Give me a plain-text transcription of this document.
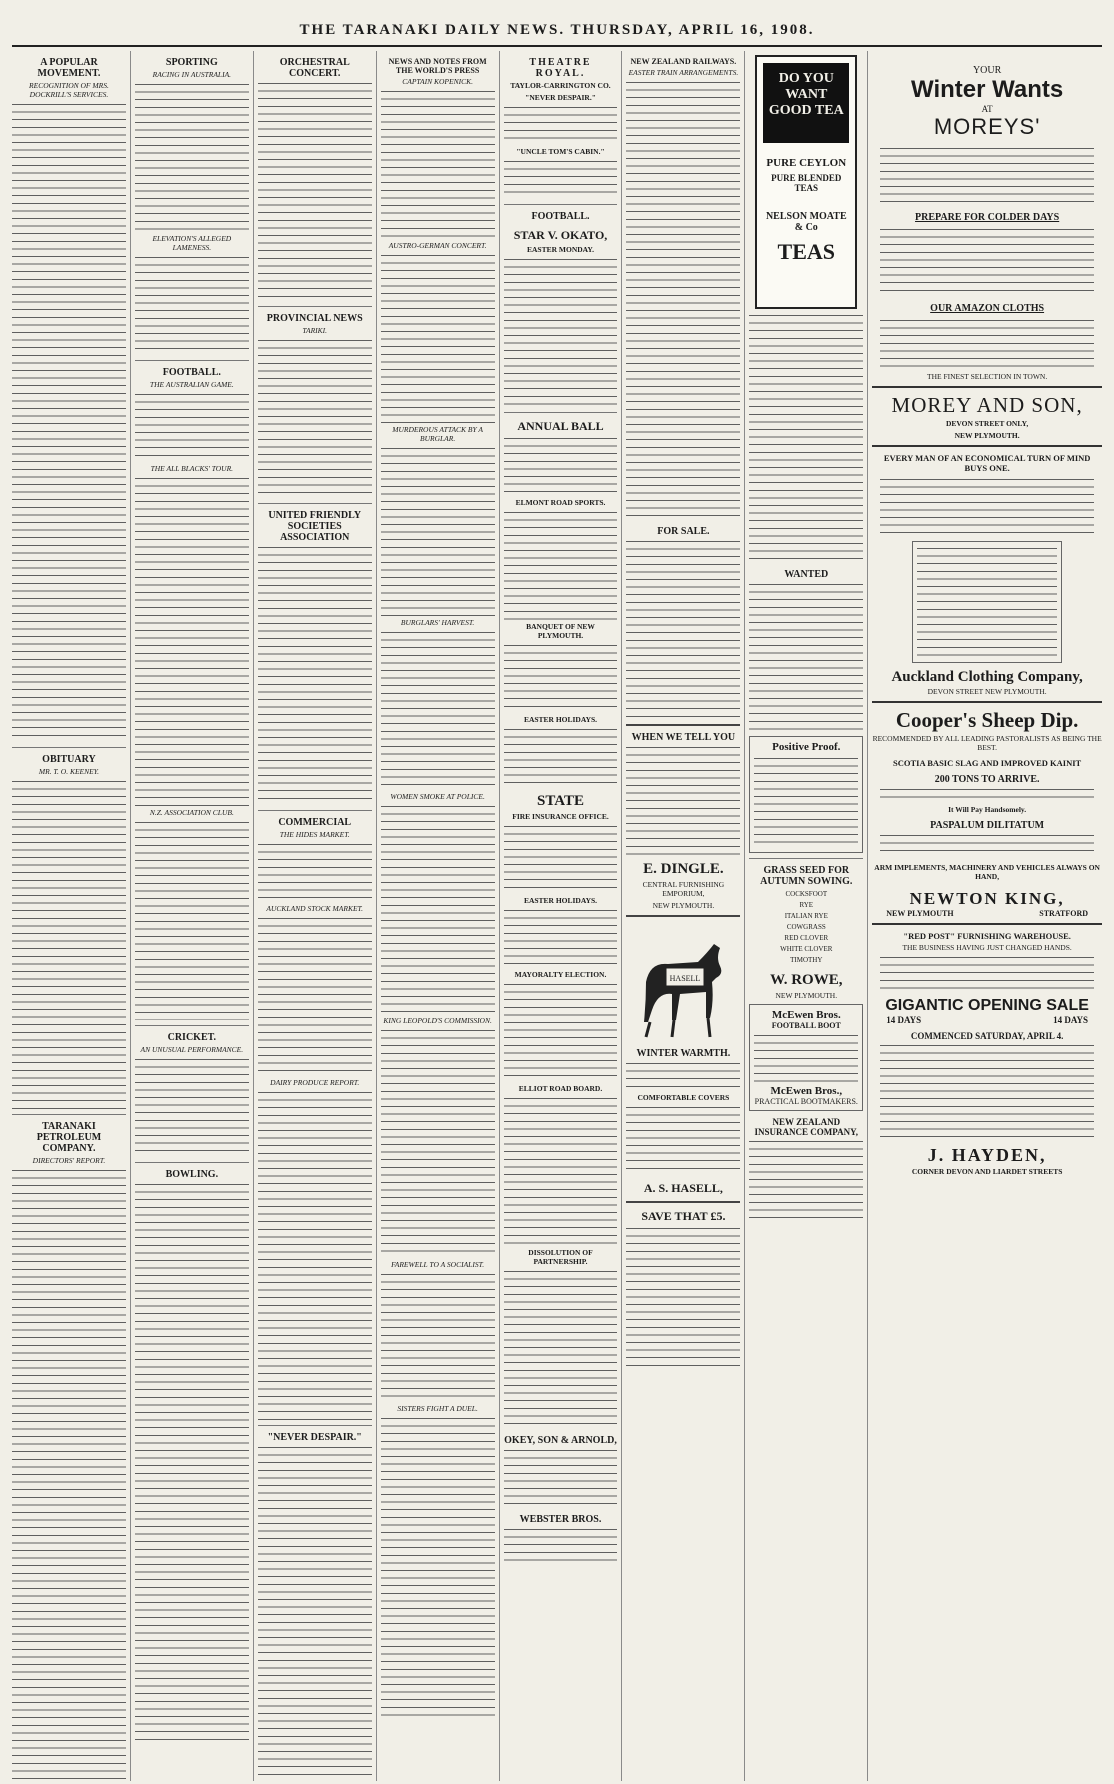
THE TARANAKI DAILY NEWS. THURSDAY, APRIL 16, 1908.
A POPULAR MOVEMENT.
RECOGNITION OF MRS. DOCKRILL'S SERVICES.
OBITUARY
MR. T. O. KEENEY.
TARANAKI PETROLEUM COMPANY.
DIRECTORS' REPORT.
SPORTING
RACING IN AUSTRALIA.
ELEVATION'S ALLEGED LAMENESS.
FOOTBALL.
THE AUSTRALIAN GAME.
THE ALL BLACKS' TOUR.
N.Z. ASSOCIATION CLUB.
CRICKET.
AN UNUSUAL PERFORMANCE.
BOWLING.
ORCHESTRAL CONCERT.
PROVINCIAL NEWS
TARIKI.
UNITED FRIENDLY SOCIETIES ASSOCIATION
COMMERCIAL
THE HIDES MARKET.
AUCKLAND STOCK MARKET.
DAIRY PRODUCE REPORT.
"NEVER DESPAIR."
NEWS AND NOTES FROM THE WORLD'S PRESS
CAPTAIN KOPENICK.
AUSTRO-GERMAN CONCERT.
MURDEROUS ATTACK BY A BURGLAR.
BURGLARS' HARVEST.
WOMEN SMOKE AT POLICE.
KING LEOPOLD'S COMMISSION.
FAREWELL TO A SOCIALIST.
SISTERS FIGHT A DUEL.
THEATRE ROYAL.
TAYLOR-CARRINGTON CO.
"NEVER DESPAIR."
"UNCLE TOM'S CABIN."
FOOTBALL.
STAR V. OKATO,
EASTER MONDAY.
ANNUAL BALL
ELMONT ROAD SPORTS.
BANQUET OF NEW PLYMOUTH.
EASTER HOLIDAYS.
STATE
FIRE INSURANCE OFFICE.
EASTER HOLIDAYS.
MAYORALTY ELECTION.
ELLIOT ROAD BOARD.
DISSOLUTION OF PARTNERSHIP.
OKEY, SON & ARNOLD,
WEBSTER BROS.
NEW ZEALAND RAILWAYS.
EASTER TRAIN ARRANGEMENTS.
FOR SALE.
WHEN WE TELL YOU
E. DINGLE.
CENTRAL FURNISHING EMPORIUM,
NEW PLYMOUTH.
HASELL
WINTER WARMTH.
COMFORTABLE COVERS
A. S. HASELL,
SAVE THAT £5.
DO YOU WANT GOOD TEA
PURE CEYLON
PURE BLENDED TEAS
NELSON MOATE & Co
TEAS
WANTED
Positive Proof.
GRASS SEED FOR AUTUMN SOWING.
COCKSFOOT
RYE
ITALIAN RYE
COWGRASS
RED CLOVER
WHITE CLOVER
TIMOTHY
W. ROWE,
NEW PLYMOUTH.
McEwen Bros.
FOOTBALL BOOT
McEwen Bros.,
PRACTICAL BOOTMAKERS.
NEW ZEALAND INSURANCE COMPANY,
YOUR
Winter Wants
AT
MOREYS'
PREPARE FOR COLDER DAYS
OUR AMAZON CLOTHS
THE FINEST SELECTION IN TOWN.
MOREY AND SON,
DEVON STREET ONLY,
NEW PLYMOUTH.
EVERY MAN OF AN ECONOMICAL TURN OF MIND BUYS ONE.
Auckland Clothing Company,
DEVON STREET NEW PLYMOUTH.
Cooper's Sheep Dip.
RECOMMENDED BY ALL LEADING PASTORALISTS AS BEING THE BEST.
SCOTIA BASIC SLAG AND IMPROVED KAINIT
200 TONS TO ARRIVE.
It Will Pay Handsomely.
PASPALUM DILITATUM
ARM IMPLEMENTS, MACHINERY AND VEHICLES ALWAYS ON HAND,
NEWTON KING,
NEW PLYMOUTH	STRATFORD
"RED POST" FURNISHING WAREHOUSE.
THE BUSINESS HAVING JUST CHANGED HANDS.
GIGANTIC OPENING SALE
14 DAYS	14 DAYS
COMMENCED SATURDAY, APRIL 4.
J. HAYDEN,
CORNER DEVON AND LIARDET STREETS
